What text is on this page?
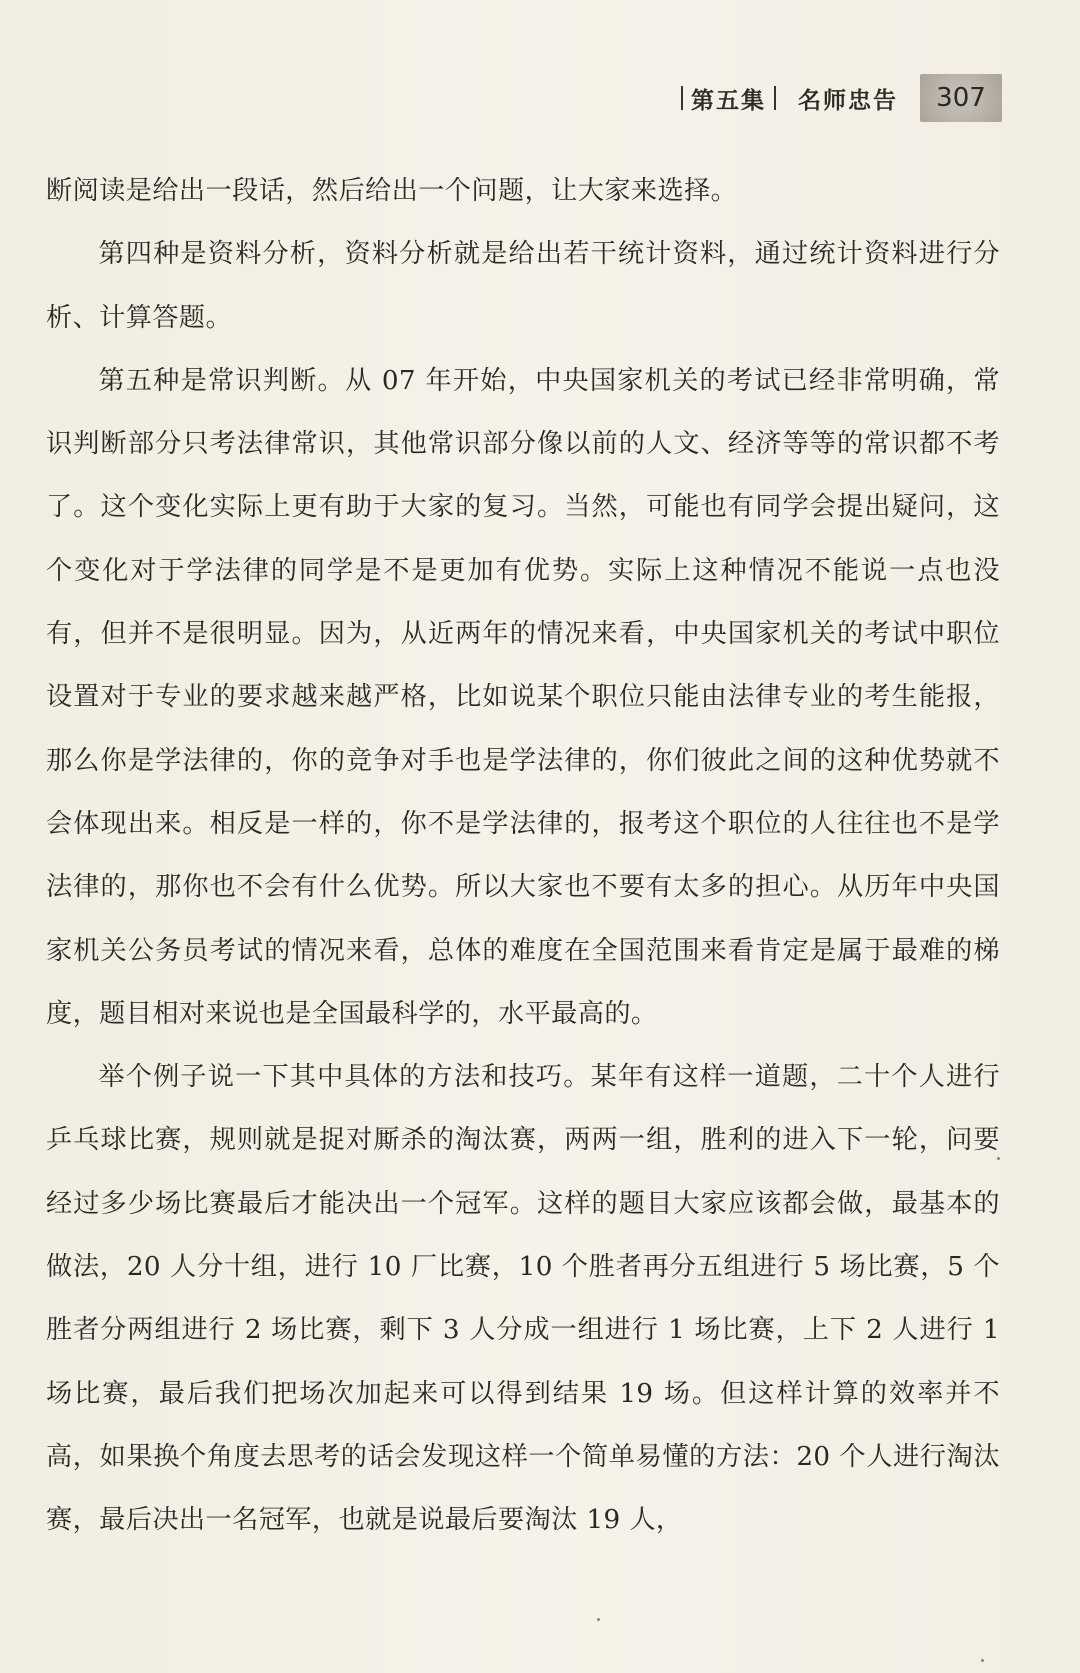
第五集 名师忠告	307

断阅读是给出一段话，然后给出一个问题，让大家来选择。

第四种是资料分析，资料分析就是给出若干统计资料，通过统计资料进行分析、计算答题。

第五种是常识判断。从 07 年开始，中央国家机关的考试已经非常明确，常识判断部分只考法律常识，其他常识部分像以前的人文、经济等等的常识都不考了。这个变化实际上更有助于大家的复习。当然，可能也有同学会提出疑问，这个变化对于学法律的同学是不是更加有优势。实际上这种情况不能说一点也没有，但并不是很明显。因为，从近两年的情况来看，中央国家机关的考试中职位设置对于专业的要求越来越严格，比如说某个职位只能由法律专业的考生能报，那么你是学法律的，你的竞争对手也是学法律的，你们彼此之间的这种优势就不会体现出来。相反是一样的，你不是学法律的，报考这个职位的人往往也不是学法律的，那你也不会有什么优势。所以大家也不要有太多的担心。从历年中央国家机关公务员考试的情况来看，总体的难度在全国范围来看肯定是属于最难的梯度，题目相对来说也是全国最科学的，水平最高的。

举个例子说一下其中具体的方法和技巧。某年有这样一道题，二十个人进行乒乓球比赛，规则就是捉对厮杀的淘汰赛，两两一组，胜利的进入下一轮，问要经过多少场比赛最后才能决出一个冠军。这样的题目大家应该都会做，最基本的做法，20 人分十组，进行 10 厂比赛，10 个胜者再分五组进行 5 场比赛，5 个胜者分两组进行 2 场比赛，剩下 3 人分成一组进行 1 场比赛，上下 2 人进行 1 场比赛，最后我们把场次加起来可以得到结果 19 场。但这样计算的效率并不高，如果换个角度去思考的话会发现这样一个简单易懂的方法：20 个人进行淘汰赛，最后决出一名冠军，也就是说最后要淘汰 19 人，
